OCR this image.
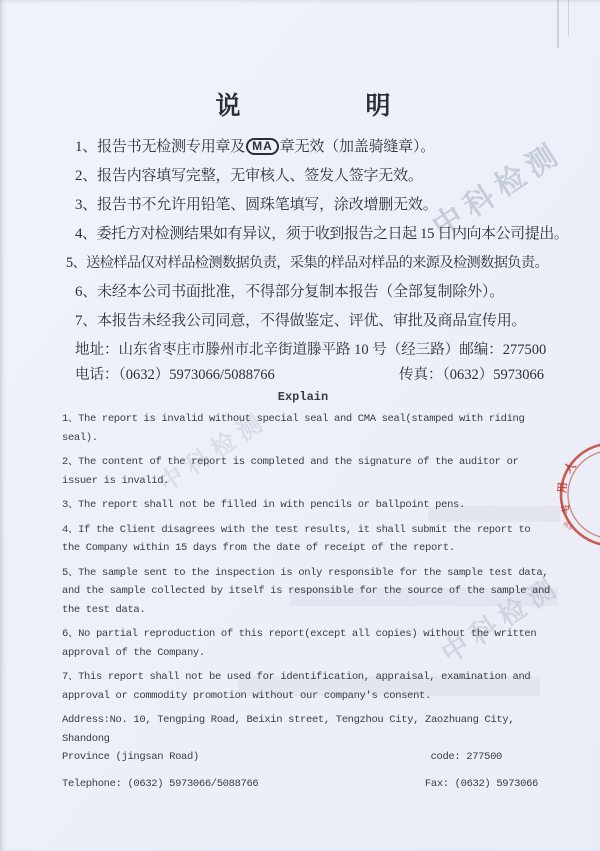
中科检测
中科检测
中科检测
说　　　　　明

1、报告书无检测专用章及 MA 章无效（加盖骑缝章）。

2、报告内容填写完整，无审核人、签发人签字无效。

3、报告书不允许用铅笔、圆珠笔填写，涂改增删无效。

4、委托方对检测结果如有异议，须于收到报告之日起 15 日内向本公司提出。

5、送检样品仅对样品检测数据负责，采集的样品对样品的来源及检测数据负责。

6、未经本公司书面批准，不得部分复制本报告（全部复制除外）。

7、本报告未经我公司同意，不得做鉴定、评优、审批及商品宣传用。

地址：山东省枣庄市滕州市北辛街道滕平路 10 号（经三路） 邮编：277500
电话：（0632）5973066/5088766	传真：（0632）5973066
Explain

1、The report is invalid without special seal and CMA seal(stamped with riding seal).

2、The content of the report is completed and the signature of the auditor or issuer is invalid.

3、The report shall not be filled in with pencils or ballpoint pens.

4、If the Client disagrees with the test results, it shall submit the report to the Company within 15 days from the date of receipt of the report.

5、The sample sent to the inspection is only responsible for the sample test data, and the sample collected by itself is responsible for the source of the sample and the test data.

6、No partial reproduction of this report(except all copies) without the written approval of the Company.

7、This report shall not be used for identification, appraisal, examination and approval or commodity promotion without our company's consent.

Address:No. 10, Tengping Road, Beixin street, Tengzhou City, Zaozhuang City, Shandong

Province (jingsan Road)	code: 277500
Telephone: (0632) 5973066/5088766	Fax: (0632) 5973066
人
用
专
038
